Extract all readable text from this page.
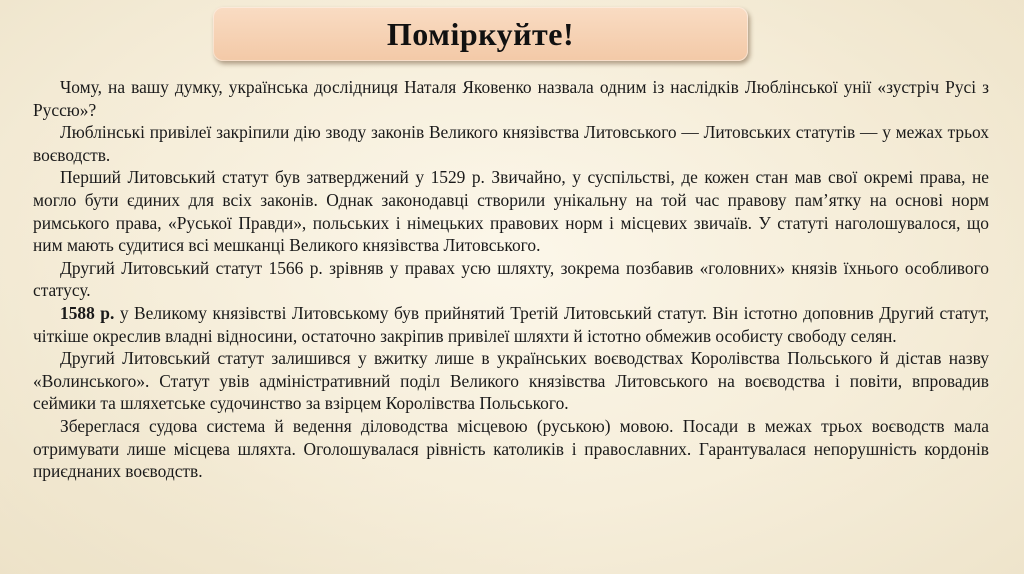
Поміркуйте!

Чому, на вашу думку, українська дослідниця Наталя Яковенко назвала одним із наслідків Люблінської унії «зустріч Русі з Руссю»?

Люблінські привілеї закріпили дію зводу законів Великого князівства Литовського — Литовських статутів — у межах трьох воєводств.

Перший Литовський статут був затверджений у 1529 р. Звичайно, у суспільстві, де кожен стан мав свої окремі права, не могло бути єдиних для всіх законів. Однак законодавці створили унікальну на той час правову пам’ятку на основі норм римського права, «Руської Правди», польських і німецьких правових норм і місцевих звичаїв. У статуті наголошувалося, що ним мають судитися всі мешканці Великого князівства Литовського.

Другий Литовський статут 1566 р. зрівняв у правах усю шляхту, зокрема позбавив «головних» князів їхнього особливого статусу.

1588 р. у Великому князівстві Литовському був прийнятий Третій Литовський статут. Він істотно доповнив Другий статут, чіткіше окреслив владні відносини, остаточно закріпив привілеї шляхти й істотно обмежив особисту свободу селян.

Другий Литовський статут залишився у вжитку лише в українських воєводствах Королівства Польського й дістав назву «Волинського». Статут увів адміністративний поділ Великого князівства Литовського на воєводства і повіти, впровадив сеймики та шляхетське судочинство за взірцем Королівства Польського.

Збереглася судова система й ведення діловодства місцевою (руською) мовою. Посади в межах трьох воєводств мала отримувати лише місцева шляхта. Оголошувалася рівність католиків і православних. Гарантувалася непорушність кордонів приєднаних воєводств.
